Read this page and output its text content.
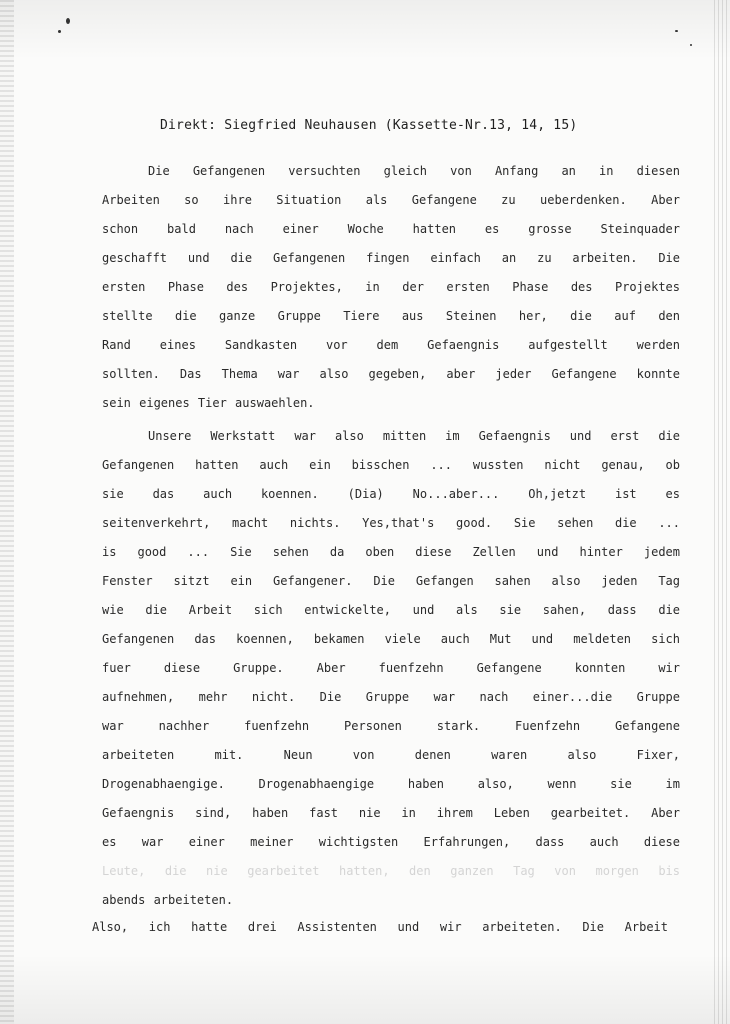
Direkt: Siegfried Neuhausen (Kassette-Nr.13, 14, 15)
Die Gefangenen versuchten gleich von Anfang an in diesen
Arbeiten so ihre Situation als Gefangene zu ueberdenken. Aber
schon bald nach einer Woche hatten es grosse Steinquader
geschafft und die Gefangenen fingen einfach an zu arbeiten. Die
ersten Phase des Projektes, in der ersten Phase des Projektes
stellte die ganze Gruppe Tiere aus Steinen her, die auf den
Rand eines Sandkasten vor dem Gefaengnis aufgestellt werden
sollten. Das Thema war also gegeben, aber jeder Gefangene konnte
sein eigenes Tier auswaehlen.
Unsere Werkstatt war also mitten im Gefaengnis und erst die
Gefangenen hatten auch ein bisschen ... wussten nicht genau, ob
sie das auch koennen. (Dia) No...aber... Oh,jetzt ist es
seitenverkehrt, macht nichts. Yes,that's good. Sie sehen die ...
is good ... Sie sehen da oben diese Zellen und hinter jedem
Fenster sitzt ein Gefangener. Die Gefangen sahen also jeden Tag
wie die Arbeit sich entwickelte, und als sie sahen, dass die
Gefangenen das koennen, bekamen viele auch Mut und meldeten sich
fuer diese Gruppe. Aber fuenfzehn Gefangene konnten wir
aufnehmen, mehr nicht. Die Gruppe war nach einer...die Gruppe
war nachher fuenfzehn Personen stark. Fuenfzehn Gefangene
arbeiteten mit. Neun von denen waren also Fixer,
Drogenabhaengige. Drogenabhaengige haben also, wenn sie im
Gefaengnis sind, haben fast nie in ihrem Leben gearbeitet. Aber
es war einer meiner wichtigsten Erfahrungen, dass auch diese
Leute, die nie gearbeitet hatten, den ganzen Tag von morgen bis
abends arbeiteten.
Also, ich hatte drei Assistenten und wir arbeiteten. Die Arbeit
